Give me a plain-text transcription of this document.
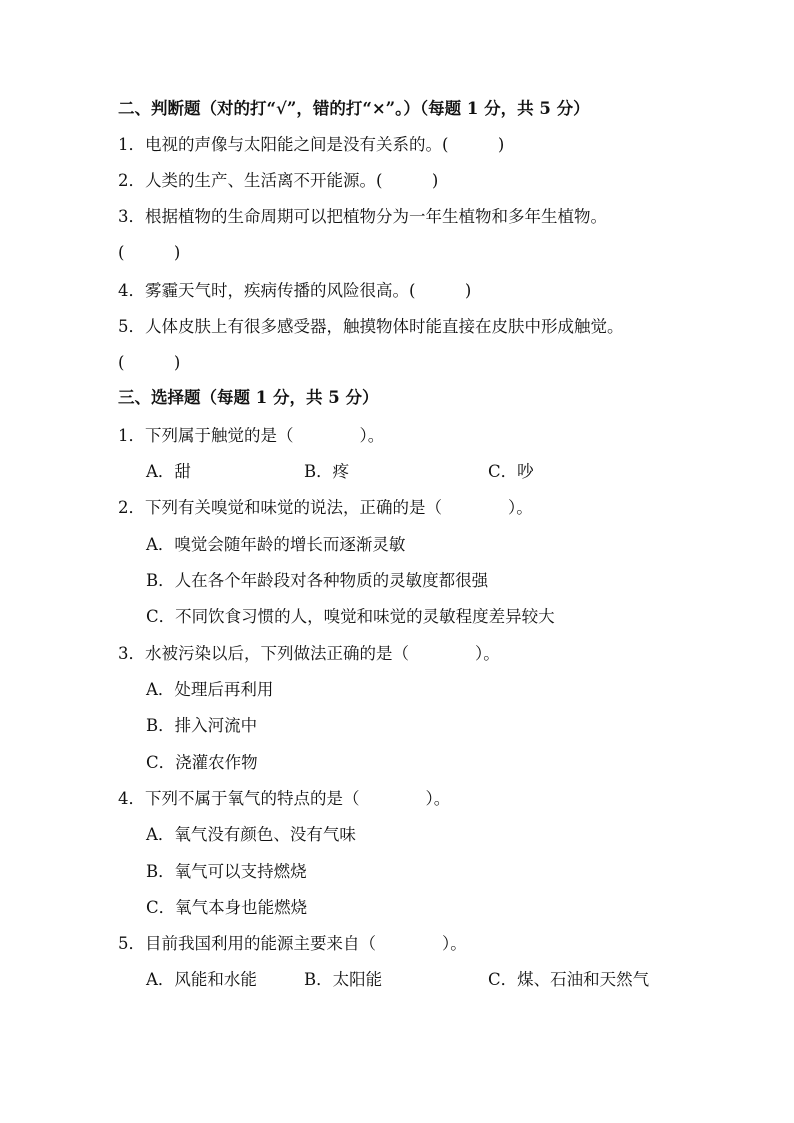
二、判断题（对的打“√”，错的打“×”。）（每题 1 分，共 5 分）
1．电视的声像与太阳能之间是没有关系的。(　　　)
2．人类的生产、生活离不开能源。(　　　)
3．根据植物的生命周期可以把植物分为一年生植物和多年生植物。
(　　　)
4．雾霾天气时，疾病传播的风险很高。(　　　)
5．人体皮肤上有很多感受器，触摸物体时能直接在皮肤中形成触觉。
(　　　)
三、选择题（每题 1 分，共 5 分）
1．下列属于触觉的是（　　　　）。
A．甜	B．疼	C．吵
2．下列有关嗅觉和味觉的说法，正确的是（　　　　）。
A．嗅觉会随年龄的增长而逐渐灵敏
B．人在各个年龄段对各种物质的灵敏度都很强
C．不同饮食习惯的人，嗅觉和味觉的灵敏程度差异较大
3．水被污染以后，下列做法正确的是（　　　　）。
A．处理后再利用
B．排入河流中
C．浇灌农作物
4．下列不属于氧气的特点的是（　　　　）。
A．氧气没有颜色、没有气味
B．氧气可以支持燃烧
C．氧气本身也能燃烧
5．目前我国利用的能源主要来自（　　　　）。
A．风能和水能	B．太阳能	C．煤、石油和天然气
